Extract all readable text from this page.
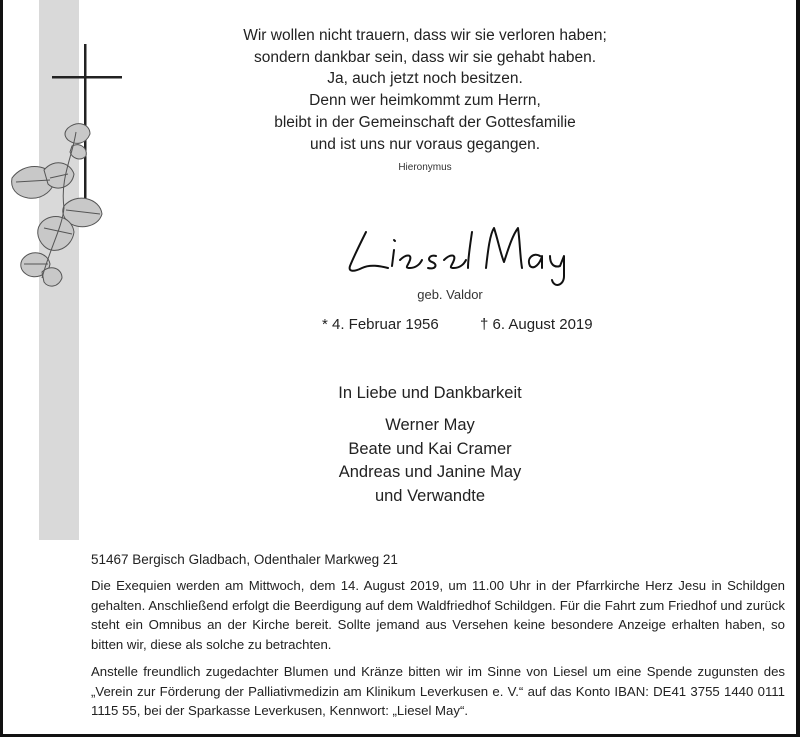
Wir wollen nicht trauern, dass wir sie verloren haben;
sondern dankbar sein, dass wir sie gehabt haben.
Ja, auch jetzt noch besitzen.
Denn wer heimkommt zum Herrn,
bleibt in der Gemeinschaft der Gottesfamilie
und ist uns nur voraus gegangen.
Hieronymus
geb. Valdor
* 4. Februar 1956	† 6. August 2019
In Liebe und Dankbarkeit
Werner May
Beate und Kai Cramer
Andreas und Janine May
und Verwandte
51467 Bergisch Gladbach, Odenthaler Markweg 21
Die Exequien werden am Mittwoch, dem 14. August 2019, um 11.00 Uhr in der Pfarrkirche Herz Jesu in Schildgen gehalten. Anschließend erfolgt die Beerdigung auf dem Waldfriedhof Schildgen. Für die Fahrt zum Friedhof und zurück steht ein Omnibus an der Kirche bereit. Sollte jemand aus Versehen keine besondere Anzeige erhalten haben, so bitten wir, diese als solche zu betrachten.
Anstelle freundlich zugedachter Blumen und Kränze bitten wir im Sinne von Liesel um eine Spende zugunsten des „Verein zur Förderung der Palliativmedizin am Klinikum Leverkusen e. V.“ auf das Konto IBAN: DE41 3755 1440 0111 1115 55, bei der Sparkasse Leverkusen, Kennwort: „Liesel May“.
